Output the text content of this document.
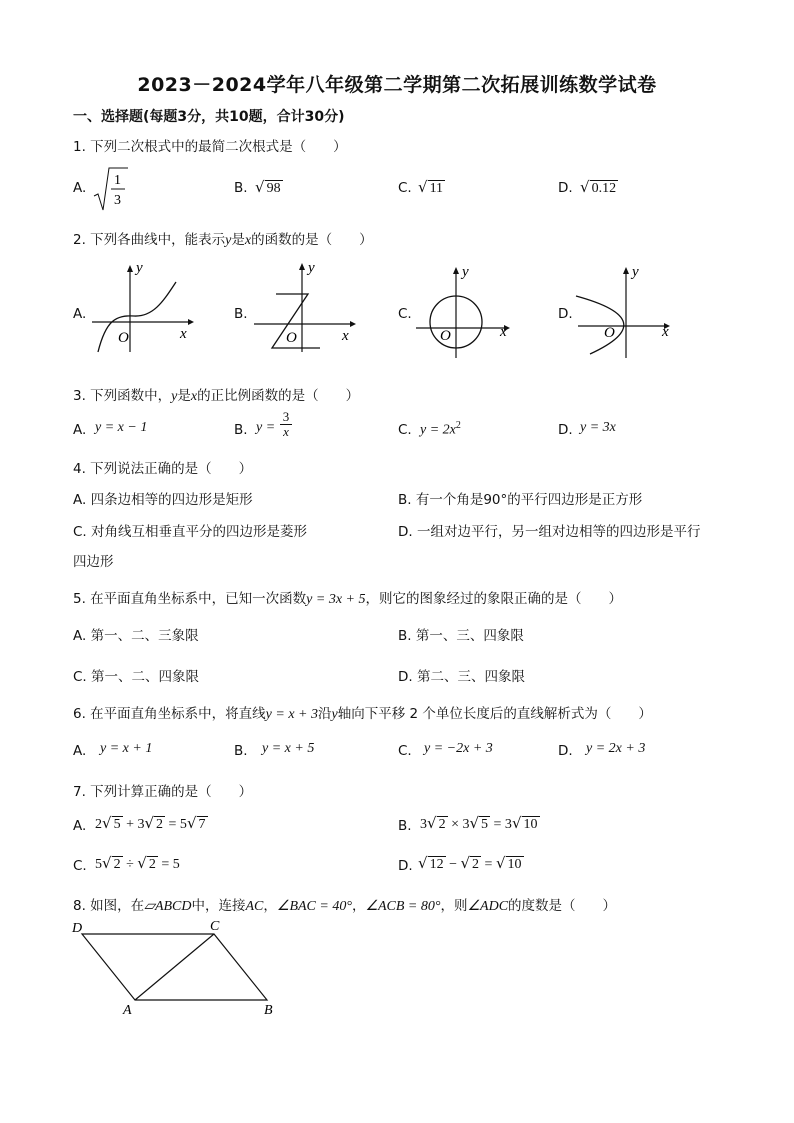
2023－2024学年八年级第二学期第二次拓展训练数学试卷
一、选择题(每题3分，共10题，合计30分)
1. 下列二次根式中的最简二次根式是（　　）
A. 1
3
B. √ 98	C. √ 11	D. √ 0.12
2. 下列各曲线中，能表示y是x的函数的是（　　）
A.
y
x
O
B.
y
x
O
C.
y
x
O
D.
y
x
O
3. 下列函数中，y是x的正比例函数的是（　　）
A. y = x − 1	B. y =
3
x	C. $y = 2x^2$	D. y = 3x
4. 下列说法正确的是（　　）
A. 四条边相等的四边形是矩形	B. 有一个角是90°的平行四边形是正方形
C. 对角线互相垂直平分的四边形是菱形	D. 一组对边平行，另一组对边相等的四边形是平行
四边形
5. 在平面直角坐标系中，已知一次函数y = 3x + 5，则它的图象经过的象限正确的是（　　）
A. 第一、二、三象限	B. 第一、三、四象限
C. 第一、二、四象限	D. 第二、三、四象限
6. 在平面直角坐标系中，将直线y = x + 3沿y轴向下平移 2 个单位长度后的直线解析式为（　　）
A. y = x + 1	B. y = x + 5	C. y = −2x + 3	D. y = 2x + 3
7. 下列计算正确的是（　　）
A. 2√ 5 + 3√ 2 = 5√ 7	B. 3√ 2 × 3√ 5 = 3√ 10
C. 5√ 2 ÷ √ 2 = 5	D. √ 12 − √ 2 = √ 10
8. 如图，在▱ABCD中，连接AC，∠BAC = 40°，∠ACB = 80°，则∠ADC的度数是（　　）
D	C
A	B
